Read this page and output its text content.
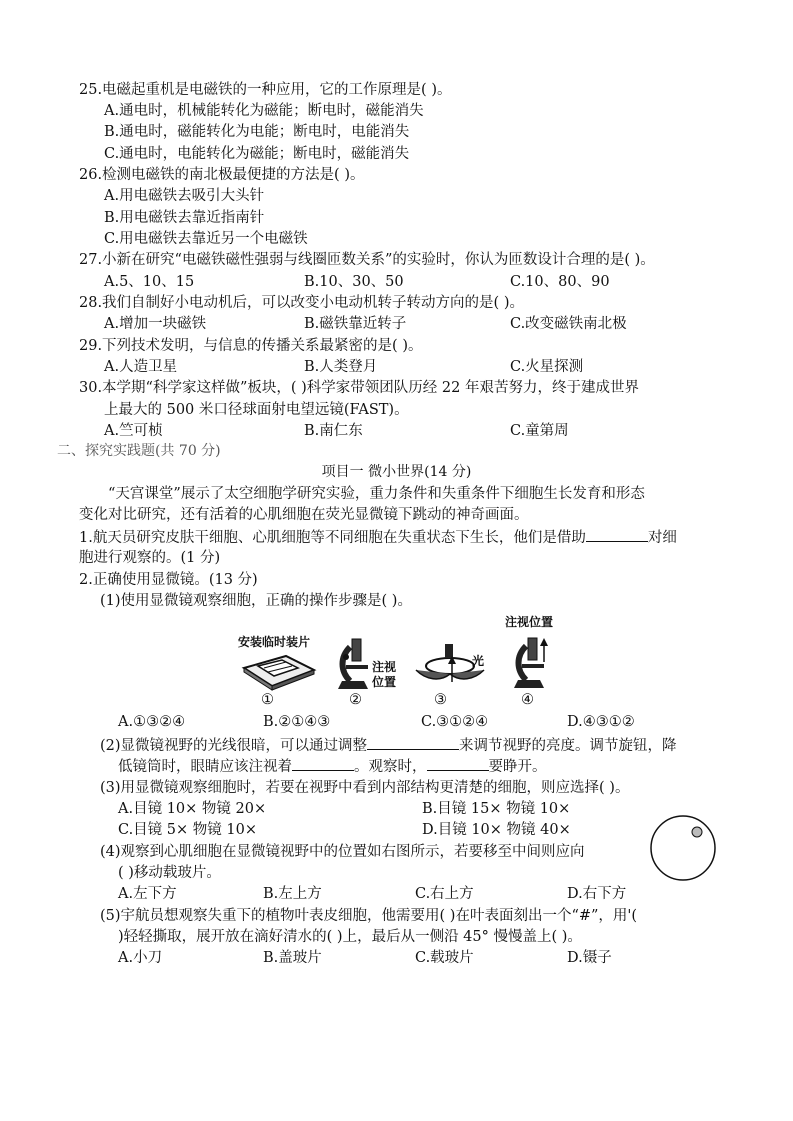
25.电磁起重机是电磁铁的一种应用，它的工作原理是( )。
A.通电时，机械能转化为磁能；断电时，磁能消失
B.通电时，磁能转化为电能；断电时，电能消失
C.通电时，电能转化为磁能；断电时，磁能消失
26.检测电磁铁的南北极最便捷的方法是( )。
A.用电磁铁去吸引大头针
B.用电磁铁去靠近指南针
C.用电磁铁去靠近另一个电磁铁
27.小新在研究“电磁铁磁性强弱与线圈匝数关系”的实验时，你认为匝数设计合理的是( )。
A.5、10、15	B.10、30、50	C.10、80、90
28.我们自制好小电动机后，可以改变小电动机转子转动方向的是( )。
A.增加一块磁铁	B.磁铁靠近转子	C.改变磁铁南北极
29.下列技术发明，与信息的传播关系最紧密的是( )。
A.人造卫星	B.人类登月	C.火星探测
30.本学期“科学家这样做”板块，( )科学家带领团队历经 22 年艰苦努力，终于建成世界
上最大的 500 米口径球面射电望远镜(FAST)。
A.竺可桢	B.南仁东	C.童第周
二、探究实践题(共 70 分)
项目一 微小世界(14 分)
“天宫课堂”展示了太空细胞学研究实验，重力条件和失重条件下细胞生长发育和形态
变化对比研究，还有活着的心肌细胞在荧光显微镜下跳动的神奇画面。
1.航天员研究皮肤干细胞、心肌细胞等不同细胞在失重状态下生长，他们是借助	对细
胞进行观察的。(1 分)
2.正确使用显微镜。(13 分)
(1)使用显微镜观察细胞，正确的操作步骤是( )。
安装临时装片
注视
位置
光
注视位置
①	②	③	④
A.①③②④	B.②①④③	C.③①②④	D.④③①②
(2)显微镜视野的光线很暗，可以通过调整	来调节视野的亮度。调节旋钮，降
低镜筒时，眼睛应该注视着	。观察时，	要睁开。
(3)用显微镜观察细胞时，若要在视野中看到内部结构更清楚的细胞，则应选择( )。
A.目镜 10× 物镜 20×	B.目镜 15× 物镜 10×
C.目镜 5× 物镜 10×	D.目镜 10× 物镜 40×
(4)观察到心肌细胞在显微镜视野中的位置如右图所示，若要移至中间则应向
( )移动载玻片。
A.左下方	B.左上方	C.右上方	D.右下方
(5)宇航员想观察失重下的植物叶表皮细胞，他需要用( )在叶表面刻出一个“#”，用'(
)轻轻撕取，展开放在滴好清水的( )上，最后从一侧沿 45° 慢慢盖上( )。
A.小刀	B.盖玻片	C.载玻片	D.镊子
